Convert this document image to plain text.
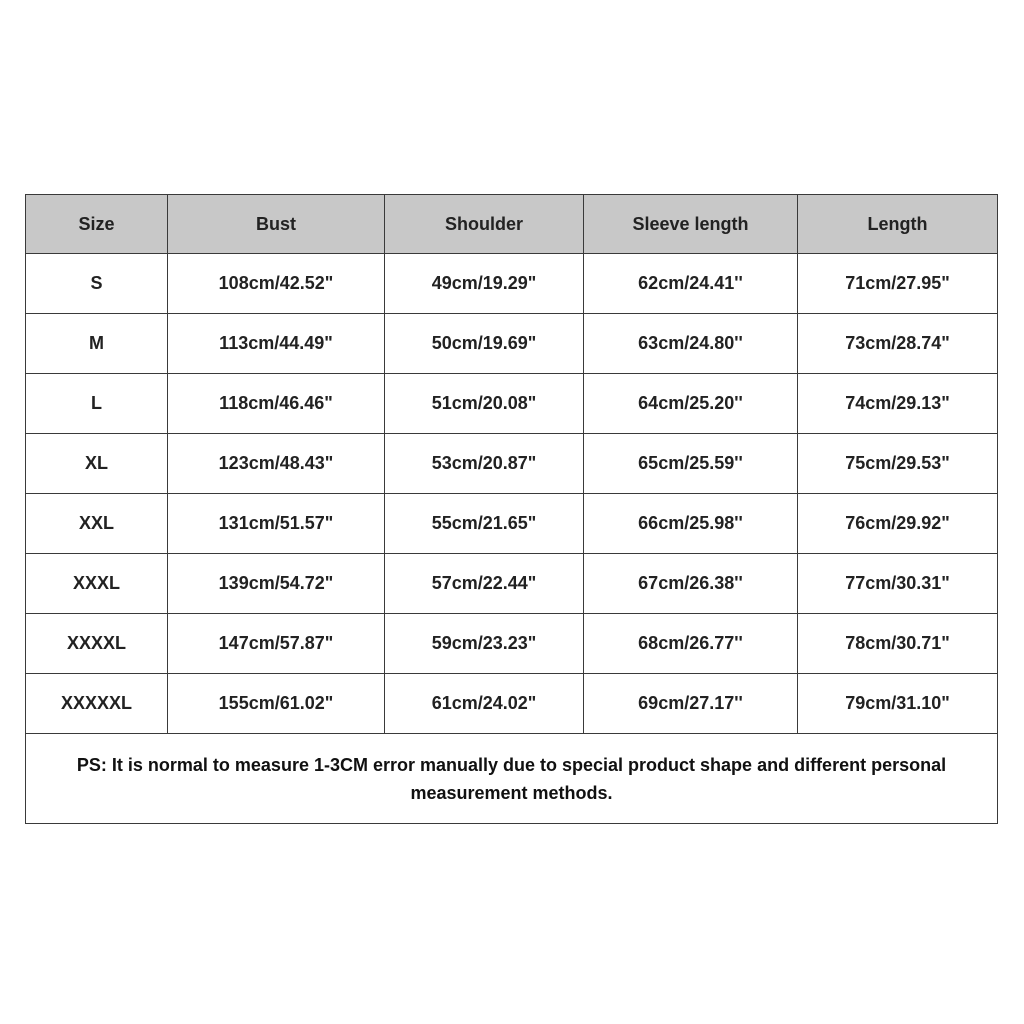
Size	Bust	Shoulder	Sleeve length	Length
S	108cm/42.52"	49cm/19.29"	62cm/24.41''	71cm/27.95"
M	113cm/44.49"	50cm/19.69"	63cm/24.80''	73cm/28.74"
L	118cm/46.46"	51cm/20.08"	64cm/25.20''	74cm/29.13"
XL	123cm/48.43"	53cm/20.87"	65cm/25.59''	75cm/29.53"
XXL	131cm/51.57"	55cm/21.65"	66cm/25.98''	76cm/29.92"
XXXL	139cm/54.72"	57cm/22.44"	67cm/26.38''	77cm/30.31"
XXXXL	147cm/57.87"	59cm/23.23"	68cm/26.77''	78cm/30.71"
XXXXXL	155cm/61.02"	61cm/24.02"	69cm/27.17''	79cm/31.10"
PS: It is normal to measure 1-3CM error manually due to special product shape and different personal measurement methods.				
